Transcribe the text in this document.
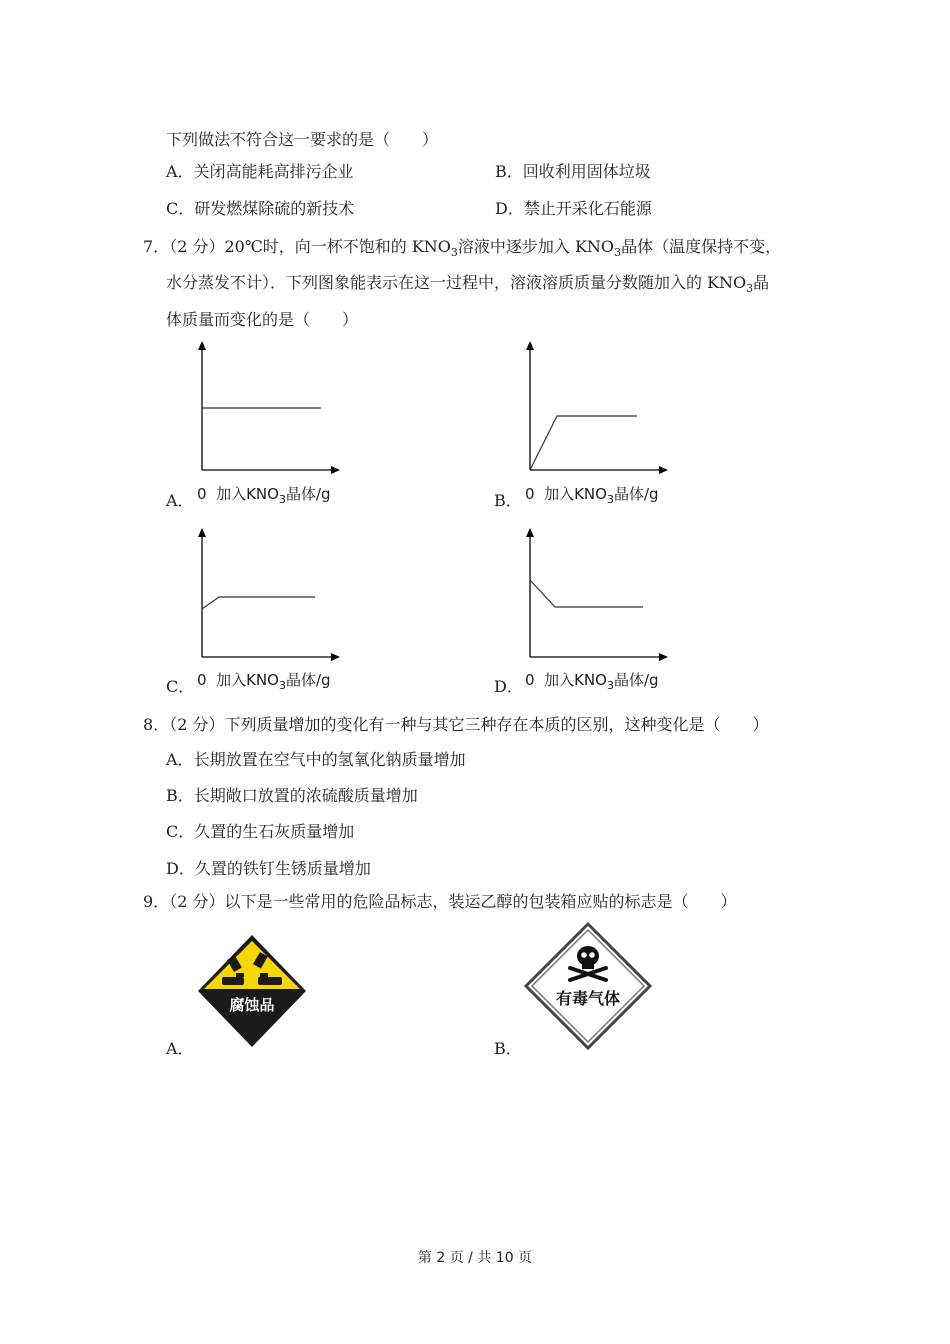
下列做法不符合这一要求的是（　　）
A．关闭高能耗高排污企业	B．回收利用固体垃圾
C．研发燃煤除硫的新技术	D．禁止开采化石能源
7．（2 分）20℃时，向一杯不饱和的 $KNO_3$溶液中逐步加入 $KNO_3$晶体（温度保持不变，
水分蒸发不计）．下列图象能表示在这一过程中，溶液溶质质量分数随加入的 $KNO_3$晶
体质量而变化的是（　　）
A． 0 加入$KNO_3$晶体/g	B． 0 加入$KNO_3$晶体/g
C． 0 加入$KNO_3$晶体/g	D． 0 加入$KNO_3$晶体/g
8．（2 分）下列质量增加的变化有一种与其它三种存在本质的区别，这种变化是（　　）
A．长期放置在空气中的氢氧化钠质量增加
B．长期敞口放置的浓硫酸质量增加
C．久置的生石灰质量增加
D．久置的铁钉生锈质量增加
9．（2 分）以下是一些常用的危险品标志，装运乙醇的包装箱应贴的标志是（　　）
腐蚀品
A．
有毒气体
B．
第 2 页 / 共 10 页
